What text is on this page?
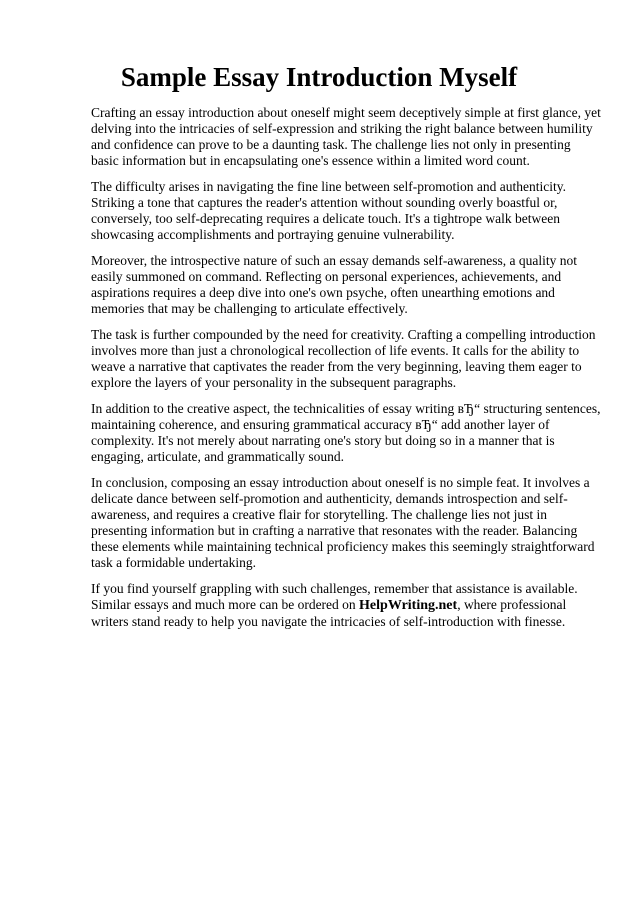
Sample Essay Introduction Myself

Crafting an essay introduction about oneself might seem deceptively simple at first glance, yet delving into the intricacies of self-expression and striking the right balance between humility and confidence can prove to be a daunting task. The challenge lies not only in presenting basic information but in encapsulating one's essence within a limited word count.

The difficulty arises in navigating the fine line between self-promotion and authenticity. Striking a tone that captures the reader's attention without sounding overly boastful or, conversely, too self-deprecating requires a delicate touch. It's a tightrope walk between showcasing accomplishments and portraying genuine vulnerability.

Moreover, the introspective nature of such an essay demands self-awareness, a quality not easily summoned on command. Reflecting on personal experiences, achievements, and aspirations requires a deep dive into one's own psyche, often unearthing emotions and memories that may be challenging to articulate effectively.

The task is further compounded by the need for creativity. Crafting a compelling introduction involves more than just a chronological recollection of life events. It calls for the ability to weave a narrative that captivates the reader from the very beginning, leaving them eager to explore the layers of your personality in the subsequent paragraphs.

In addition to the creative aspect, the technicalities of essay writing вЂ“ structuring sentences, maintaining coherence, and ensuring grammatical accuracy вЂ“ add another layer of complexity. It's not merely about narrating one's story but doing so in a manner that is engaging, articulate, and grammatically sound.

In conclusion, composing an essay introduction about oneself is no simple feat. It involves a delicate dance between self-promotion and authenticity, demands introspection and self-awareness, and requires a creative flair for storytelling. The challenge lies not just in presenting information but in crafting a narrative that resonates with the reader. Balancing these elements while maintaining technical proficiency makes this seemingly straightforward task a formidable undertaking.

If you find yourself grappling with such challenges, remember that assistance is available. Similar essays and much more can be ordered on HelpWriting.net, where professional writers stand ready to help you navigate the intricacies of self-introduction with finesse.
